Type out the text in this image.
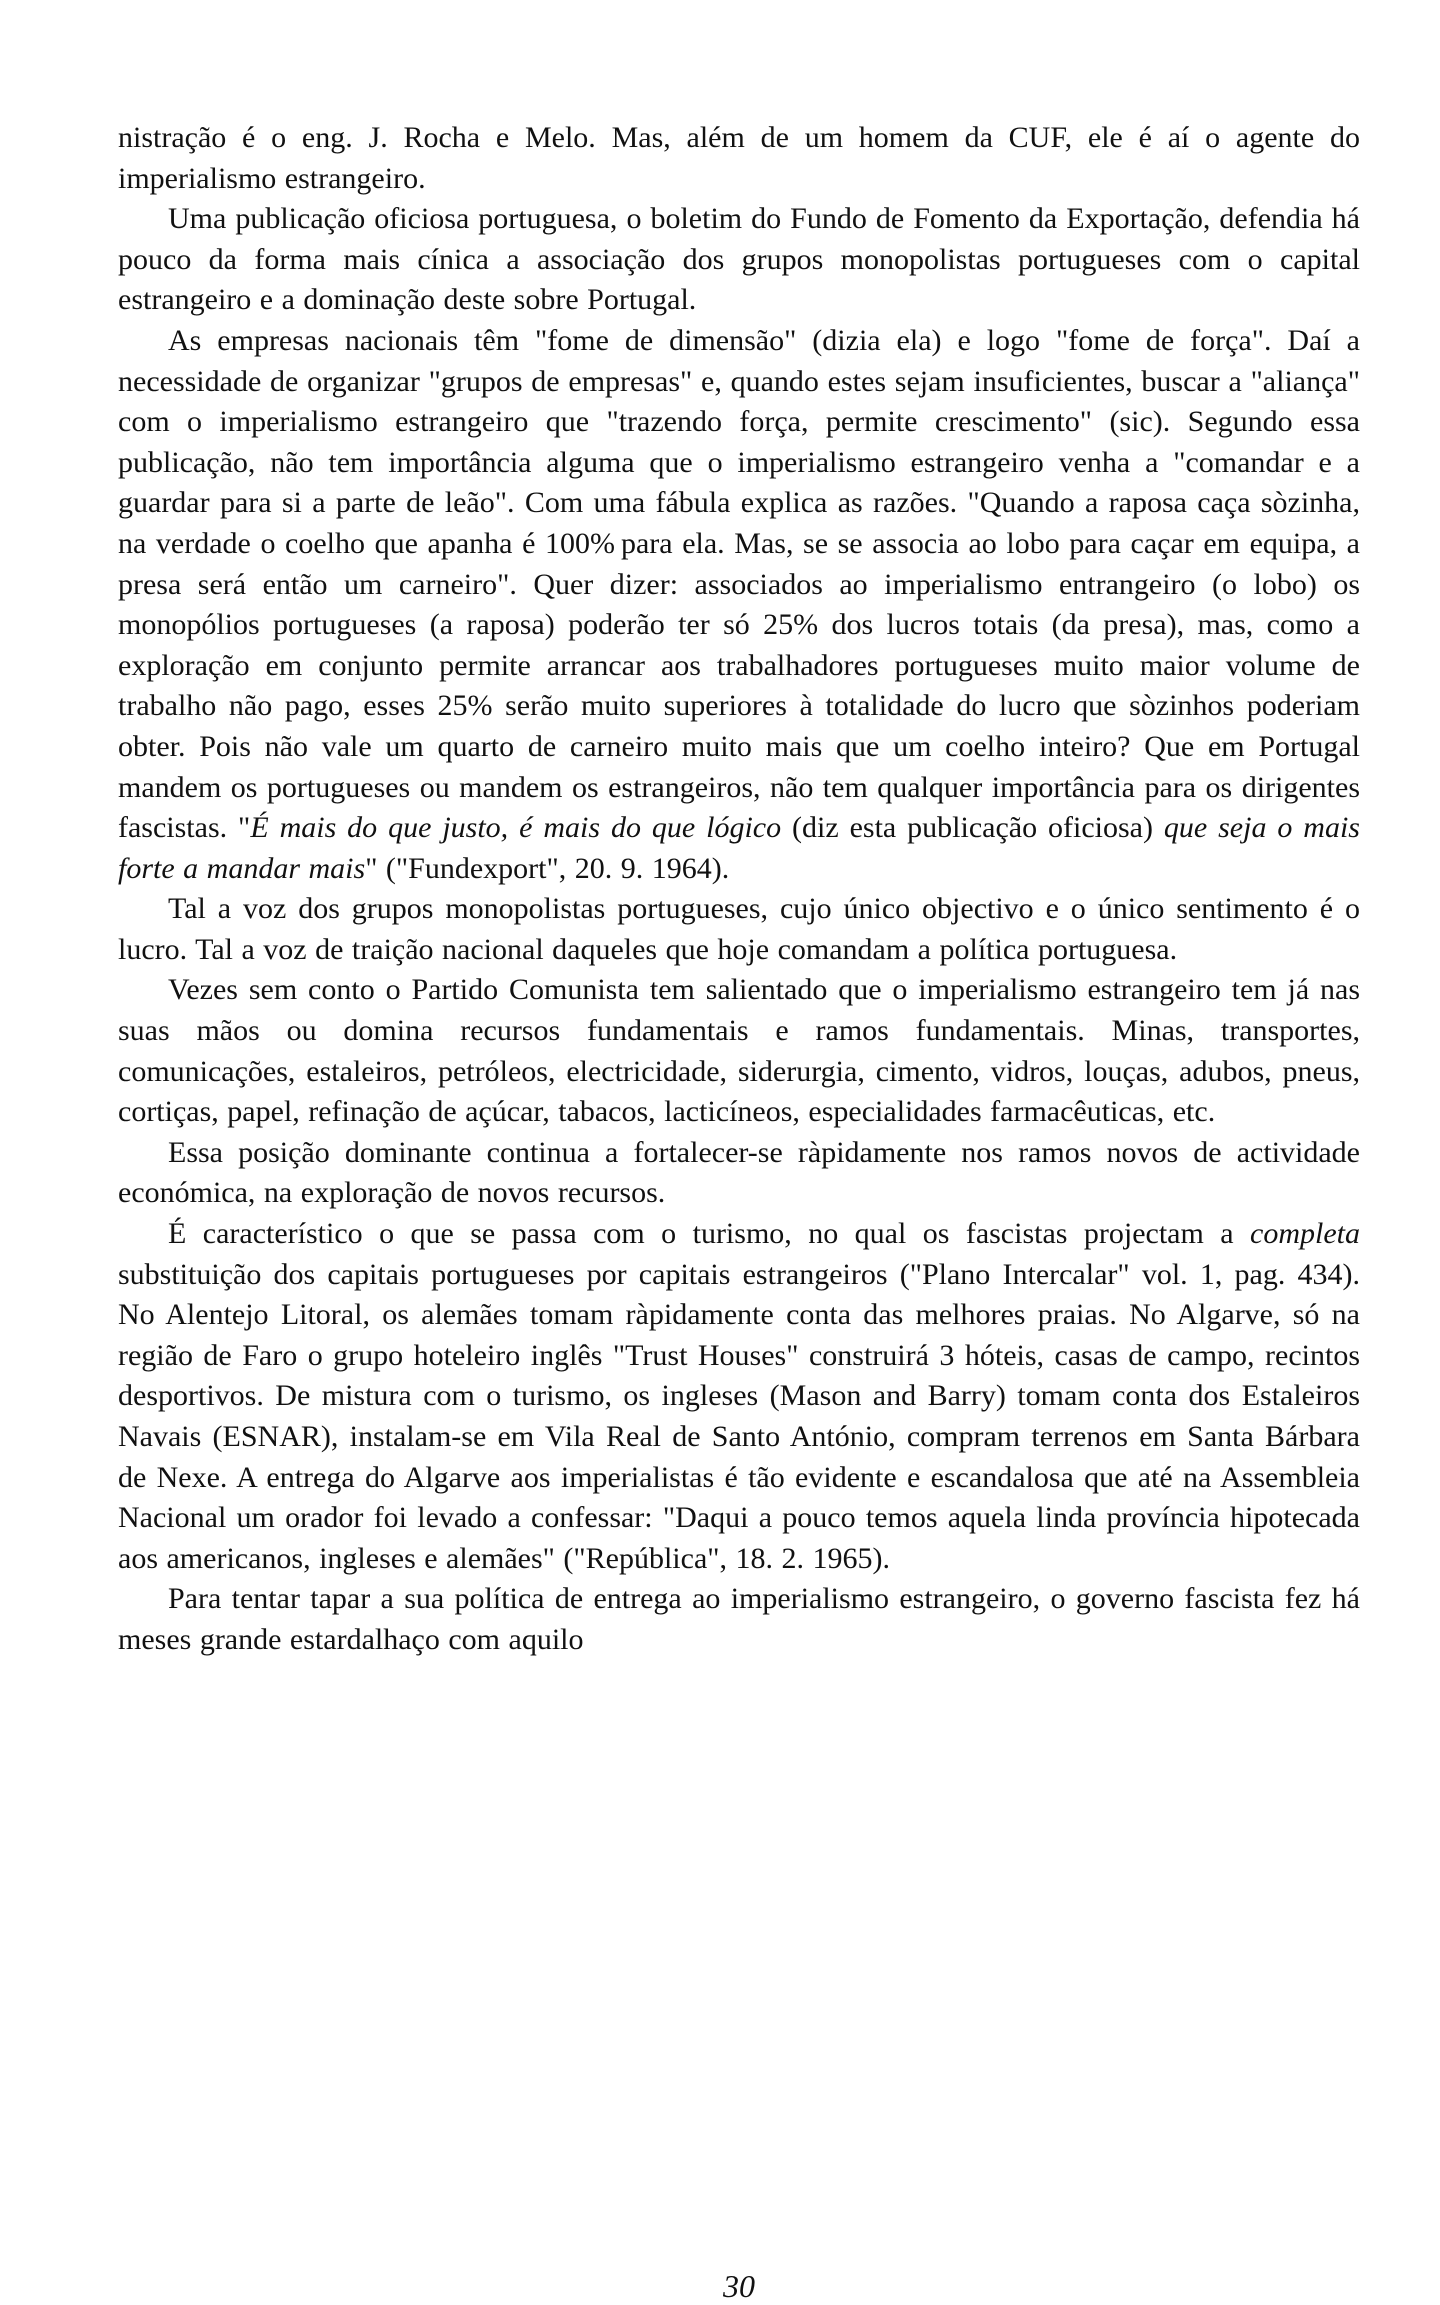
nistração é o eng. J. Rocha e Melo. Mas, além de um homem da CUF, ele é aí o agente do imperialismo estrangeiro.

Uma publicação oficiosa portuguesa, o boletim do Fundo de Fomento da Exportação, defendia há pouco da forma mais cínica a associação dos grupos monopolistas portugueses com o capital estrangeiro e a dominação deste sobre Portugal.

As empresas nacionais têm "fome de dimensão" (dizia ela) e logo "fome de força". Daí a necessidade de organizar "grupos de empresas" e, quando estes sejam insuficientes, buscar a "aliança" com o imperialismo estrangeiro que "trazendo força, permite crescimento" (sic). Segundo essa publicação, não tem importância alguma que o imperialismo estrangeiro venha a "comandar e a guardar para si a parte de leão". Com uma fábula explica as razões. "Quando a raposa caça sòzinha, na verdade o coelho que apanha é 100% para ela. Mas, se se associa ao lobo para caçar em equipa, a presa será então um carneiro". Quer dizer: associados ao imperialismo entrangeiro (o lobo) os monopólios portugueses (a raposa) poderão ter só 25% dos lucros totais (da presa), mas, como a exploração em conjunto permite arrancar aos trabalhadores portugueses muito maior volume de trabalho não pago, esses 25% serão muito superiores à totalidade do lucro que sòzinhos poderiam obter. Pois não vale um quarto de carneiro muito mais que um coelho inteiro? Que em Portugal mandem os portugueses ou mandem os estrangeiros, não tem qualquer importância para os dirigentes fascistas. "É mais do que justo, é mais do que lógico (diz esta publicação oficiosa) que seja o mais forte a mandar mais" ("Fundexport", 20. 9. 1964).

Tal a voz dos grupos monopolistas portugueses, cujo único objectivo e o único sentimento é o lucro. Tal a voz de traição nacional daqueles que hoje comandam a política portuguesa.

Vezes sem conto o Partido Comunista tem salientado que o imperialismo estrangeiro tem já nas suas mãos ou domina recursos fundamentais e ramos fundamentais. Minas, transportes, comunicações, estaleiros, petróleos, electricidade, siderurgia, cimento, vidros, louças, adubos, pneus, cortiças, papel, refinação de açúcar, tabacos, lacticíneos, especialidades farmacêuticas, etc.

Essa posição dominante continua a fortalecer-se ràpidamente nos ramos novos de actividade económica, na exploração de novos recursos.

É característico o que se passa com o turismo, no qual os fascistas projectam a completa substituição dos capitais portugueses por capitais estrangeiros ("Plano Intercalar" vol. 1, pag. 434). No Alentejo Litoral, os alemães tomam ràpidamente conta das melhores praias. No Algarve, só na região de Faro o grupo hoteleiro inglês "Trust Houses" construirá 3 hóteis, casas de campo, recintos desportivos. De mistura com o turismo, os ingleses (Mason and Barry) tomam conta dos Estaleiros Navais (ESNAR), instalam-se em Vila Real de Santo António, compram terrenos em Santa Bárbara de Nexe. A entrega do Algarve aos imperialistas é tão evidente e escandalosa que até na Assembleia Nacional um orador foi levado a confessar: "Daqui a pouco temos aquela linda província hipotecada aos americanos, ingleses e alemães" ("República", 18. 2. 1965).

Para tentar tapar a sua política de entrega ao imperialismo estrangeiro, o governo fascista fez há meses grande estardalhaço com aquilo

30
